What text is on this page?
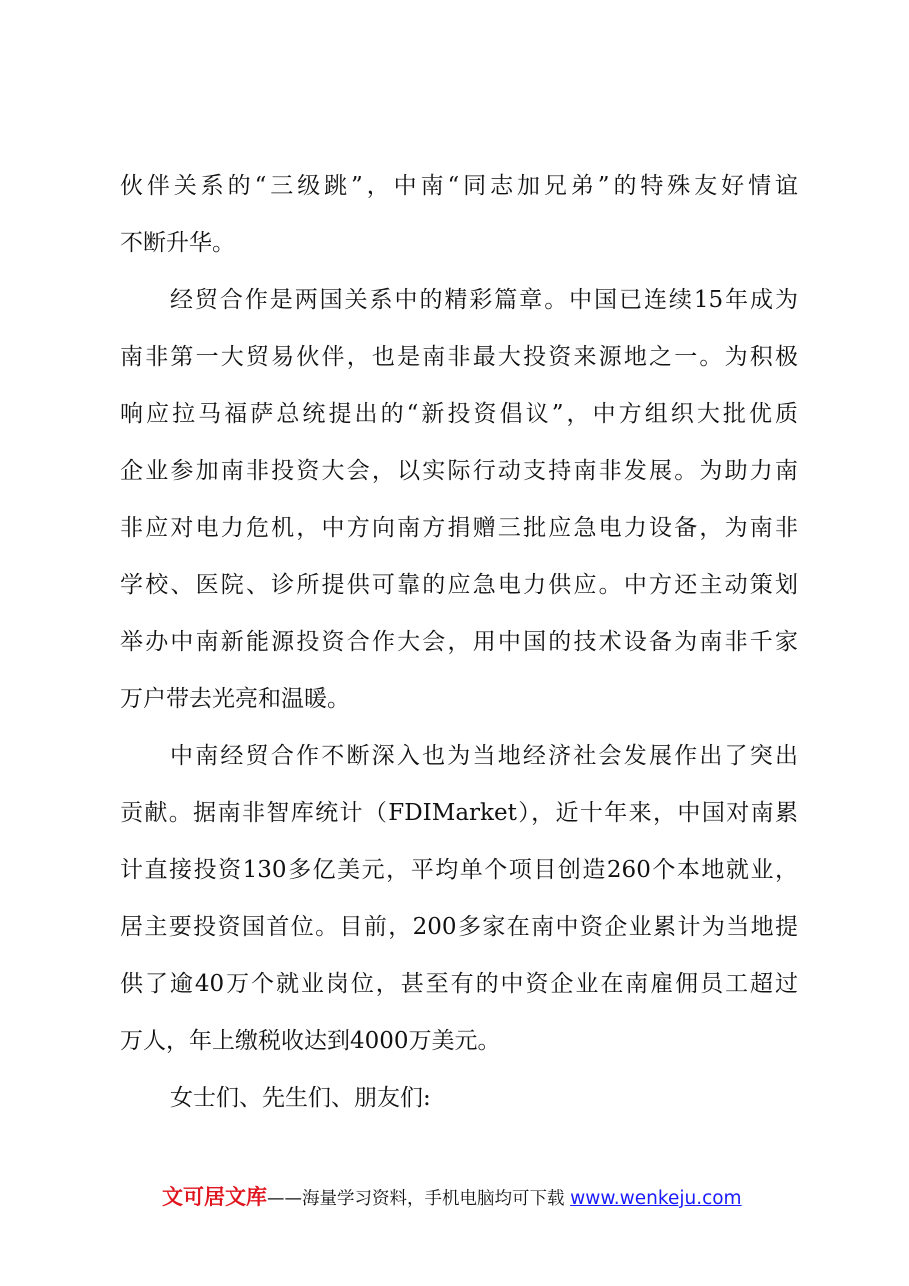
伙伴关系的“三级跳”，中南“同志加兄弟”的特殊友好情谊
不断升华。
经贸合作是两国关系中的精彩篇章。中国已连续15年成为
南非第一大贸易伙伴，也是南非最大投资来源地之一。为积极
响应拉马福萨总统提出的“新投资倡议”，中方组织大批优质
企业参加南非投资大会，以实际行动支持南非发展。为助力南
非应对电力危机，中方向南方捐赠三批应急电力设备，为南非
学校、医院、诊所提供可靠的应急电力供应。中方还主动策划
举办中南新能源投资合作大会，用中国的技术设备为南非千家
万户带去光亮和温暖。
中南经贸合作不断深入也为当地经济社会发展作出了突出
贡献。据南非智库统计（FDIMarket），近十年来，中国对南累
计直接投资130多亿美元，平均单个项目创造260个本地就业，
居主要投资国首位。目前，200多家在南中资企业累计为当地提
供了逾40万个就业岗位，甚至有的中资企业在南雇佣员工超过
万人，年上缴税收达到4000万美元。
女士们、先生们、朋友们:
文可居文库——海量学习资料，手机电脑均可下载 www.wenkeju.com
